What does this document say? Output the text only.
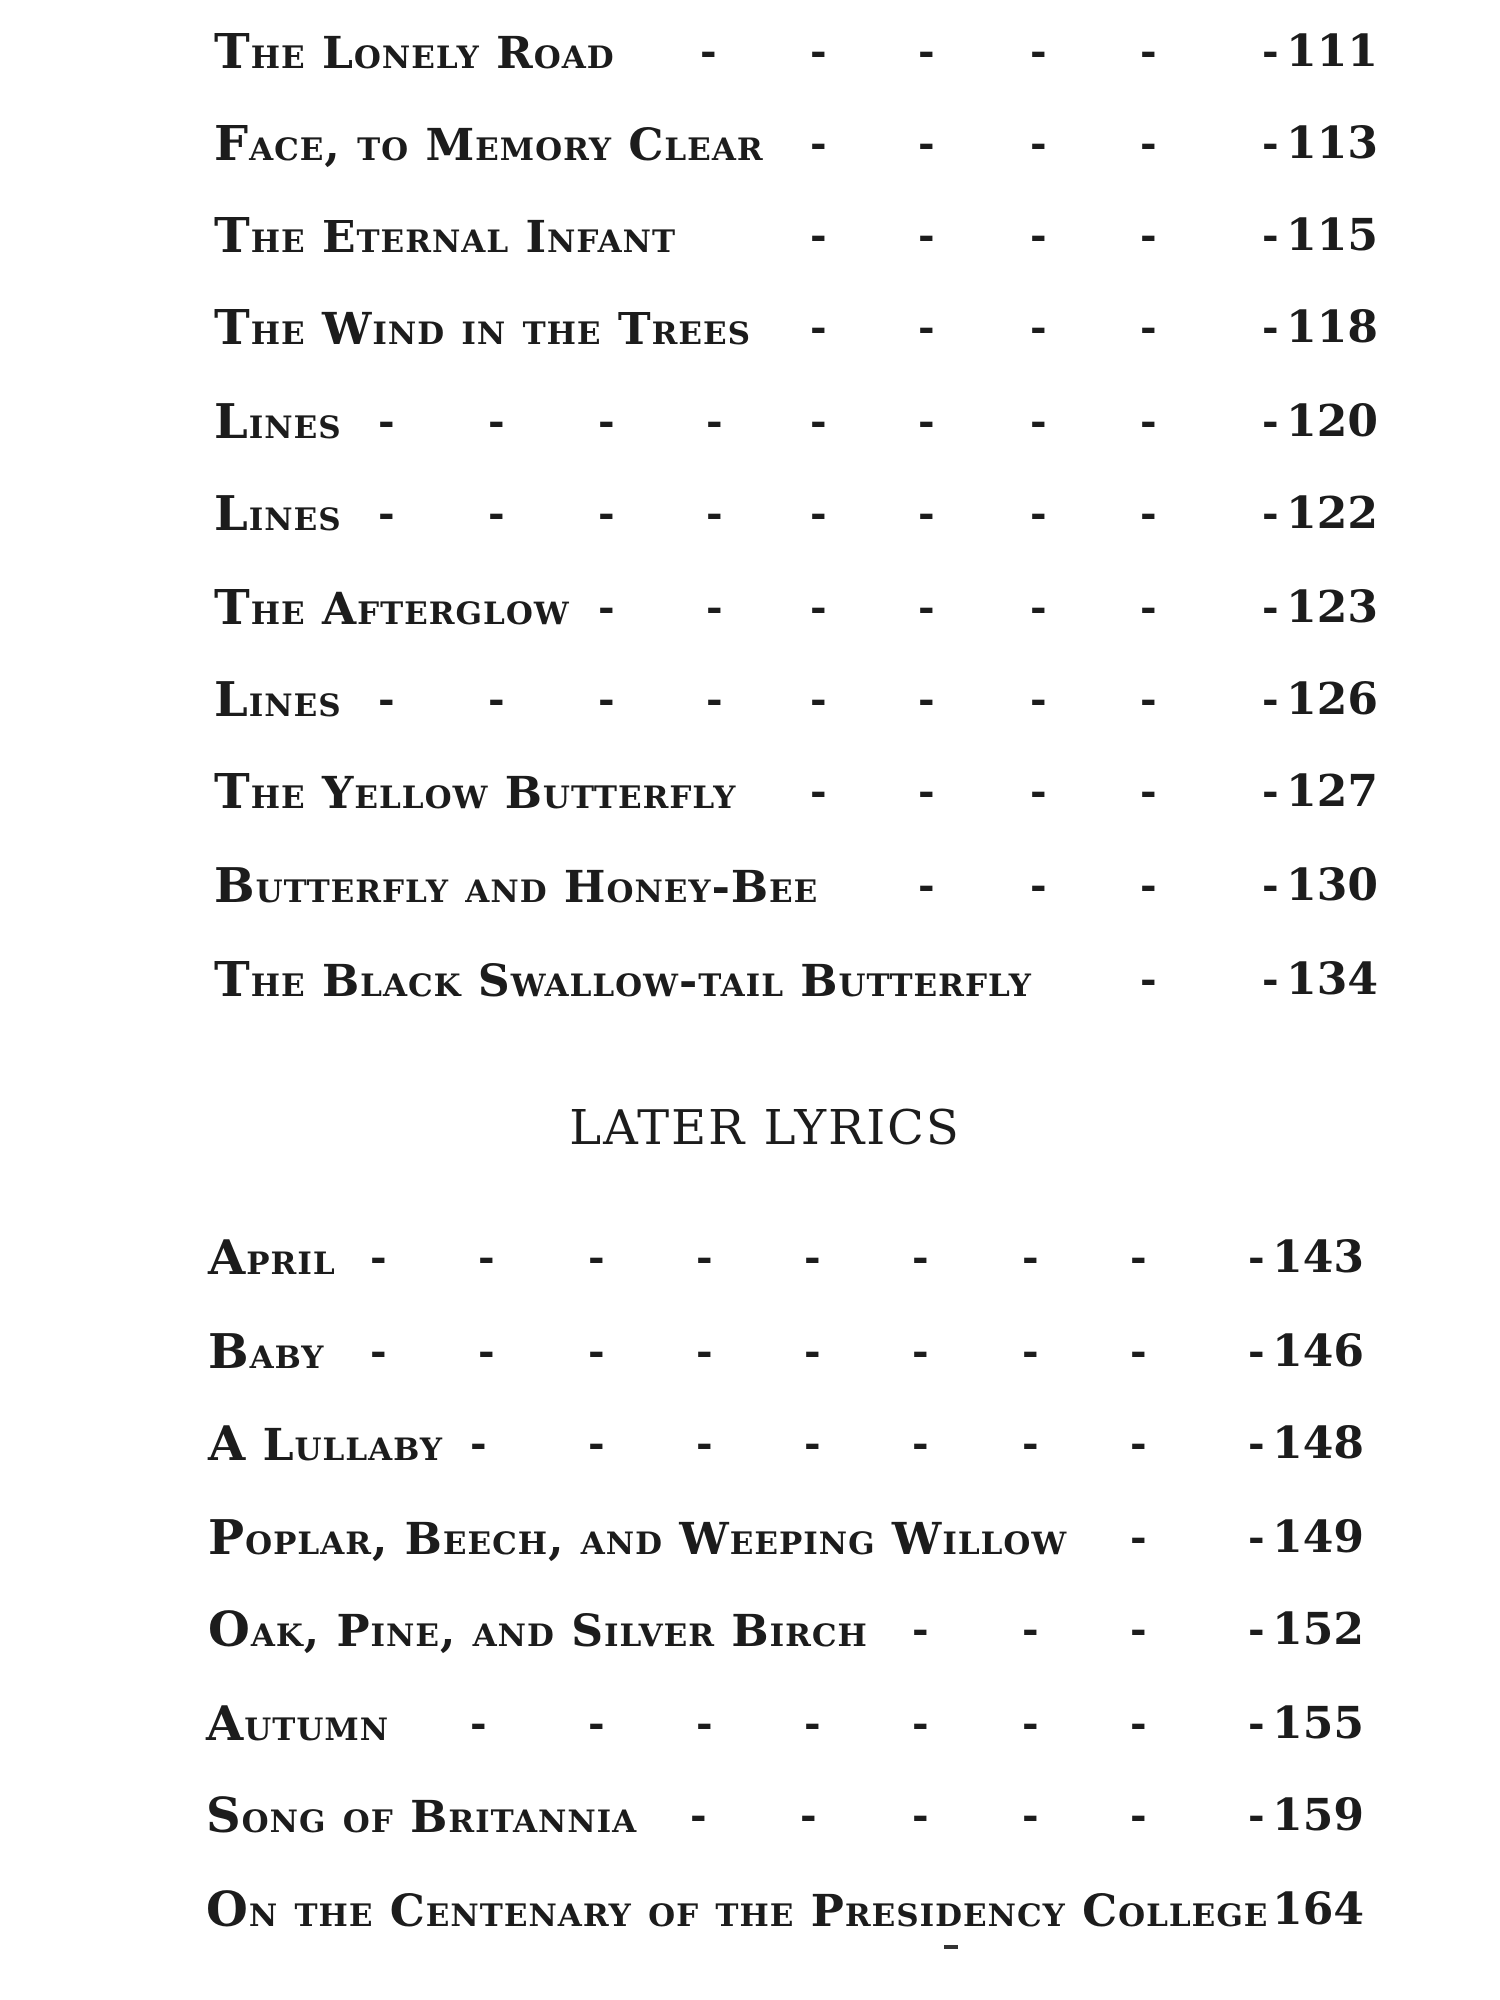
The Lonely Road - - - - -	- 111
Face, to Memory Clear - - - -	- 113
The Eternal Infant	- - - -	- 115
The Wind in the Trees - - - -	- 118
Lines - - - - - - - -	- 120
Lines - - - - - - - -	- 122
The Afterglow - - - - - -	- 123
Lines - - - - - - - -	- 126
The Yellow Butterfly - - - -	- 127
Butterfly and Honey-Bee - - -	- 130
The Black Swallow-tail Butterfly	-	- 134
LATER LYRICS
April - - - - - - - -	- 143
Baby - - - - - - - -	- 146
A Lullaby -	- - - - - -	- 148
Poplar, Beech, and Weeping Willow -	- 149
Oak, Pine, and Silver Birch - - -	- 152
Autumn -	- - - - - -	- 155
Song of Britannia - - - - -	- 159
On the Centenary of the Presidency College 164
